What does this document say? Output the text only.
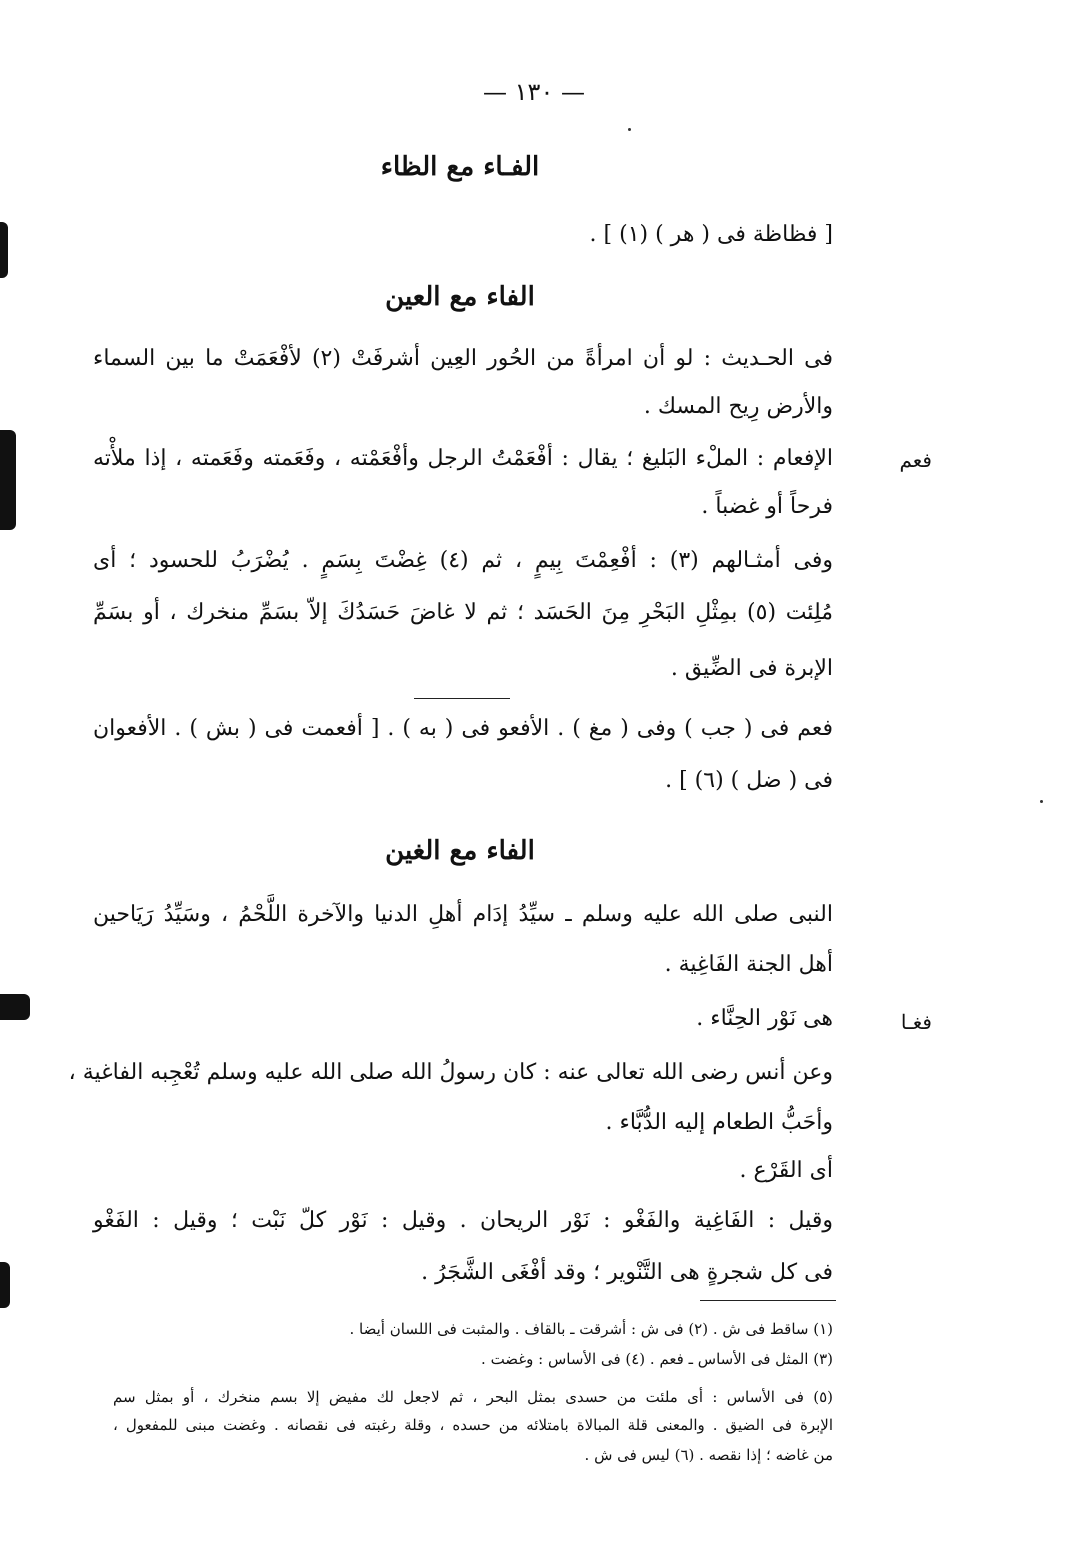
— ١٣٠ —
الفـاء مع الظاء
[ فظاظة فى ( هر ) (١) ] .
الفاء مع العين
فى الحـديث : لو أن امرأةً من الحُور العِين أشرفَتْ (٢) لأفْعَمَتْ ما بين السماء
والأرض رِيح المسك .
فعم
الإفعام : الملْء البَليغ ؛ يقال : أفْعَمْتُ الرجل وأفْعَمْته ، وفَعَمته وفَعَمته ، إذا ملأْته
فرحاً أو غضباً .
وفى أمثـالهم (٣) : أفْعِمْتَ بِيمٍ ، ثم (٤) غِضْتَ بِسَمٍ . يُضْرَبُ للحسود ؛ أى
مُلِئت (٥) بمِثْلِ البَحْرِ مِنَ الحَسَد ؛ ثم لا غاضَ حَسَدُكَ إلاّ بسَمِّ منخرك ، أو بسَمِّ
الإبرة فى الضِّيق .
فعم فى ( جب ) وفى ( مغ ) . الأفعو فى ( به ) . [ أفعمت فى ( بش ) . الأفعوان
فى ( ضل ) (٦) ] .
الفاء مع الغين
النبى صلى الله عليه وسلم ـ سيِّدُ إدَام أهلِ الدنيا والآخرة اللَّحْمُ ، وسَيِّدُ رَيَاحين
أهل الجنة الفَاغِية .
فغـا
هى نَوْر الحِنَّاء .
وعن أنس رضى الله تعالى عنه : كان رسولُ الله صلى الله عليه وسلم تُعْجِبه الفاغية ،
وأحَبُّ الطعام إليه الدُّبَّاء .
أى القَرْع .
وقيل : الفَاغِية والفَغْو : نَوْر الريحان . وقيل : نَوْر كلّ نَبْت ؛ وقيل : الفَغْو
فى كل شجرةٍ هى التَّنْوير ؛ وقد أفْغَى الشَّجَرُ .
(١) ساقط فى ش . (٢) فى ش : أشرقت ـ بالقاف . والمثبت فى اللسان أيضا .
(٣) المثل فى الأساس ـ فعم . (٤) فى الأساس : وغضت .
(٥) فى الأساس : أى ملئت من حسدى بمثل البحر ، ثم لاجعل لك مفيض إلا بسم منخرك ، أو بمثل سم
الإبرة فى الضيق . والمعنى قلة المبالاة بامتلائه من حسده ، وقلة رغبته فى نقصانه . وغضت مبنى للمفعول ،
من غاضه ؛ إذا نقصه . (٦) ليس فى ش .
